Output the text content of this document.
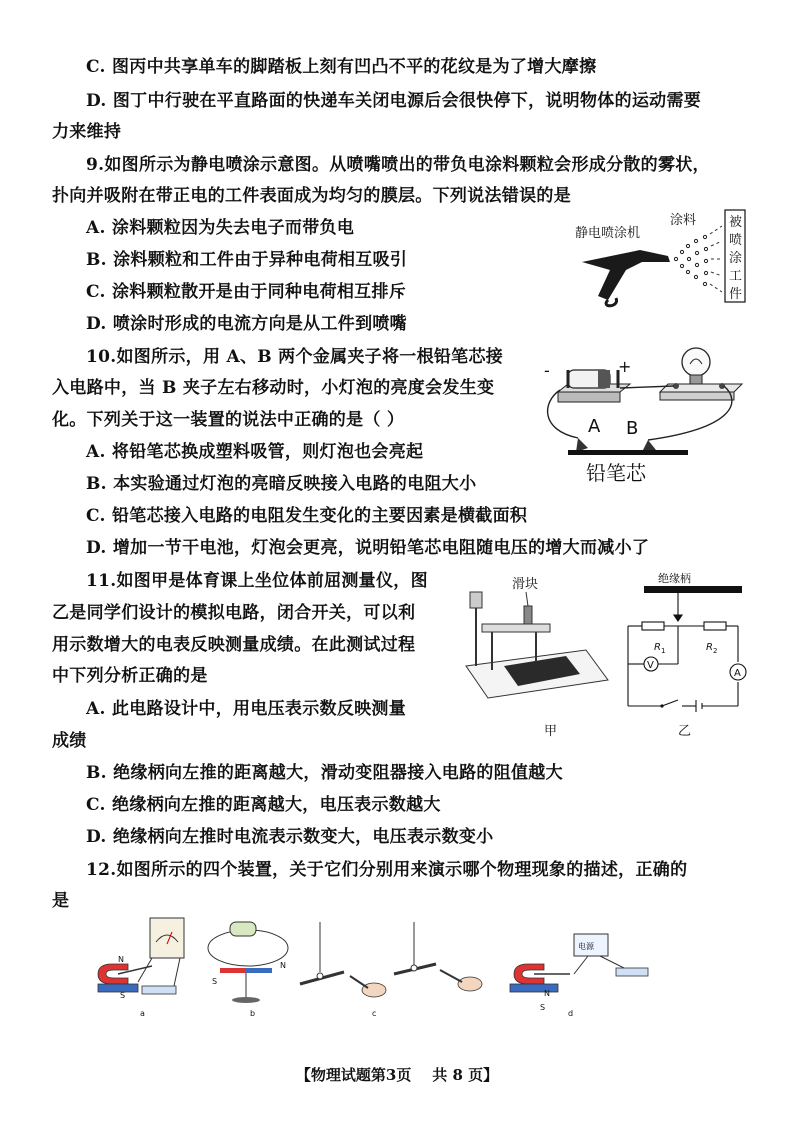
C. 图丙中共享单车的脚踏板上刻有凹凸不平的花纹是为了增大摩擦
D. 图丁中行驶在平直路面的快递车关闭电源后会很快停下，说明物体的运动需要
力来维持
9.如图所示为静电喷涂示意图。从喷嘴喷出的带负电涂料颗粒会形成分散的雾状，
扑向并吸附在带正电的工件表面成为均匀的膜层。下列说法错误的是
A. 涂料颗粒因为失去电子而带负电
B. 涂料颗粒和工件由于异种电荷相互吸引
C. 涂料颗粒散开是由于同种电荷相互排斥
D. 喷涂时形成的电流方向是从工件到喷嘴
10.如图所示，用 A、B 两个金属夹子将一根铅笔芯接
入电路中，当 B 夹子左右移动时，小灯泡的亮度会发生变
化。下列关于这一装置的说法中正确的是（ ）
A. 将铅笔芯换成塑料吸管，则灯泡也会亮起
B. 本实验通过灯泡的亮暗反映接入电路的电阻大小
C. 铅笔芯接入电路的电阻发生变化的主要因素是横截面积
D. 增加一节干电池，灯泡会更亮，说明铅笔芯电阻随电压的增大而减小了
11.如图甲是体育课上坐位体前屈测量仪，图
乙是同学们设计的模拟电路，闭合开关，可以利
用示数增大的电表反映测量成绩。在此测试过程
中下列分析正确的是
A. 此电路设计中，用电压表示数反映测量
成绩
B. 绝缘柄向左推的距离越大，滑动变阻器接入电路的阻值越大
C. 绝缘柄向左推的距离越大，电压表示数越大
D. 绝缘柄向左推时电流表示数变大，电压表示数变小
12.如图所示的四个装置，关于它们分别用来演示哪个物理现象的描述，正确的
是
静电喷涂机
涂料	被
喷
涂
工
件
-	+
A B
铅笔芯
滑块
甲
绝缘柄
V
A
R 1	R 2
乙
N
S
a
S
N
b	c
电源
N
S
d
【物理试题第3页    共 8 页】
